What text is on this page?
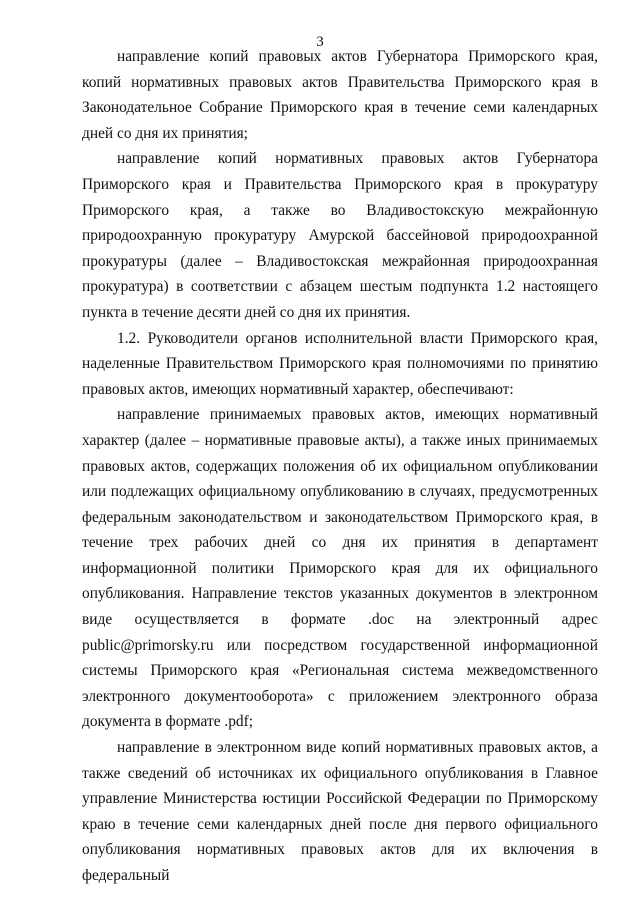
3

направление копий правовых актов Губернатора Приморского края, копий нормативных правовых актов Правительства Приморского края в Законодательное Собрание Приморского края в течение семи календарных дней со дня их принятия;

направление копий нормативных правовых актов Губернатора Приморского края и Правительства Приморского края в прокуратуру Приморского края, а также во Владивостокскую межрайонную природоохранную прокуратуру Амурской бассейновой природоохранной прокуратуры (далее – Владивостокская межрайонная природоохранная прокуратура) в соответствии с абзацем шестым подпункта 1.2 настоящего пункта в течение десяти дней со дня их принятия.

1.2. Руководители органов исполнительной власти Приморского края, наделенные Правительством Приморского края полномочиями по принятию правовых актов, имеющих нормативный характер, обеспечивают:

направление принимаемых правовых актов, имеющих нормативный характер (далее – нормативные правовые акты), а также иных принимаемых правовых актов, содержащих положения об их официальном опубликовании или подлежащих официальному опубликованию в случаях, предусмотренных федеральным законодательством и законодательством Приморского края, в течение трех рабочих дней со дня их принятия в департамент информационной политики Приморского края для их официального опубликования. Направление текстов указанных документов в электронном виде осуществляется в формате .doc на электронный адрес public@primorsky.ru или посредством государственной информационной системы Приморского края «Региональная система межведомственного электронного документооборота» с приложением электронного образа документа в формате .pdf;

направление в электронном виде копий нормативных правовых актов, а также сведений об источниках их официального опубликования в Главное управление Министерства юстиции Российской Федерации по Приморскому краю в течение семи календарных дней после дня первого официального опубликования нормативных правовых актов для их включения в федеральный
